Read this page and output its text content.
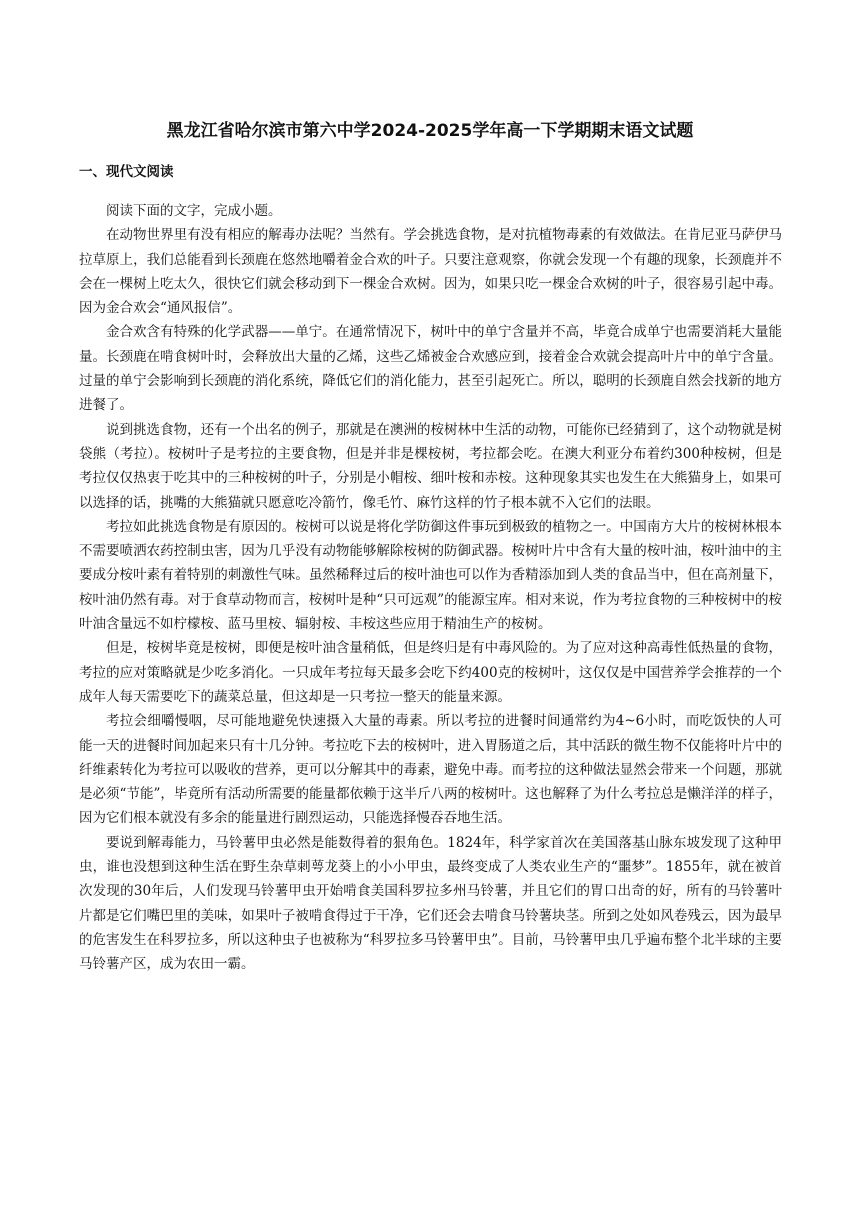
黑龙江省哈尔滨市第六中学2024-2025学年高一下学期期末语文试题
一、现代文阅读

阅读下面的文字，完成小题。

在动物世界里有没有相应的解毒办法呢？当然有。学会挑选食物，是对抗植物毒素的有效做法。在肯尼亚马萨伊马拉草原上，我们总能看到长颈鹿在悠然地嚼着金合欢的叶子。只要注意观察，你就会发现一个有趣的现象，长颈鹿并不会在一棵树上吃太久，很快它们就会移动到下一棵金合欢树。因为，如果只吃一棵金合欢树的叶子，很容易引起中毒。因为金合欢会“通风报信”。

金合欢含有特殊的化学武器——单宁。在通常情况下，树叶中的单宁含量并不高，毕竟合成单宁也需要消耗大量能量。长颈鹿在啃食树叶时，会释放出大量的乙烯，这些乙烯被金合欢感应到，接着金合欢就会提高叶片中的单宁含量。过量的单宁会影响到长颈鹿的消化系统，降低它们的消化能力，甚至引起死亡。所以，聪明的长颈鹿自然会找新的地方进餐了。

说到挑选食物，还有一个出名的例子，那就是在澳洲的桉树林中生活的动物，可能你已经猜到了，这个动物就是树袋熊（考拉）。桉树叶子是考拉的主要食物，但是并非是棵桉树，考拉都会吃。在澳大利亚分布着约300种桉树，但是考拉仅仅热衷于吃其中的三种桉树的叶子，分别是小帽桉、细叶桉和赤桉。这种现象其实也发生在大熊猫身上，如果可以选择的话，挑嘴的大熊猫就只愿意吃冷箭竹，像毛竹、麻竹这样的竹子根本就不入它们的法眼。

考拉如此挑选食物是有原因的。桉树可以说是将化学防御这件事玩到极致的植物之一。中国南方大片的桉树林根本不需要喷洒农药控制虫害，因为几乎没有动物能够解除桉树的防御武器。桉树叶片中含有大量的桉叶油，桉叶油中的主要成分桉叶素有着特别的刺激性气味。虽然稀释过后的桉叶油也可以作为香精添加到人类的食品当中，但在高剂量下，桉叶油仍然有毒。对于食草动物而言，桉树叶是种“只可远观”的能源宝库。相对来说，作为考拉食物的三种桉树中的桉叶油含量远不如柠檬桉、蓝马里桉、辐射桉、丰桉这些应用于精油生产的桉树。

但是，桉树毕竟是桉树，即便是桉叶油含量稍低，但是终归是有中毒风险的。为了应对这种高毒性低热量的食物，考拉的应对策略就是少吃多消化。一只成年考拉每天最多会吃下约400克的桉树叶，这仅仅是中国营养学会推荐的一个成年人每天需要吃下的蔬菜总量，但这却是一只考拉一整天的能量来源。

考拉会细嚼慢咽，尽可能地避免快速摄入大量的毒素。所以考拉的进餐时间通常约为4~6小时，而吃饭快的人可能一天的进餐时间加起来只有十几分钟。考拉吃下去的桉树叶，进入胃肠道之后，其中活跃的微生物不仅能将叶片中的纤维素转化为考拉可以吸收的营养，更可以分解其中的毒素，避免中毒。而考拉的这种做法显然会带来一个问题，那就是必须“节能”，毕竟所有活动所需要的能量都依赖于这半斤八两的桉树叶。这也解释了为什么考拉总是懒洋洋的样子，因为它们根本就没有多余的能量进行剧烈运动，只能选择慢吞吞地生活。

要说到解毒能力，马铃薯甲虫必然是能数得着的狠角色。1824年，科学家首次在美国落基山脉东坡发现了这种甲虫，谁也没想到这种生活在野生杂草刺萼龙葵上的小小甲虫，最终变成了人类农业生产的“噩梦”。1855年，就在被首次发现的30年后，人们发现马铃薯甲虫开始啃食美国科罗拉多州马铃薯，并且它们的胃口出奇的好，所有的马铃薯叶片都是它们嘴巴里的美味，如果叶子被啃食得过于干净，它们还会去啃食马铃薯块茎。所到之处如风卷残云，因为最早的危害发生在科罗拉多，所以这种虫子也被称为“科罗拉多马铃薯甲虫”。目前，马铃薯甲虫几乎遍布整个北半球的主要马铃薯产区，成为农田一霸。
